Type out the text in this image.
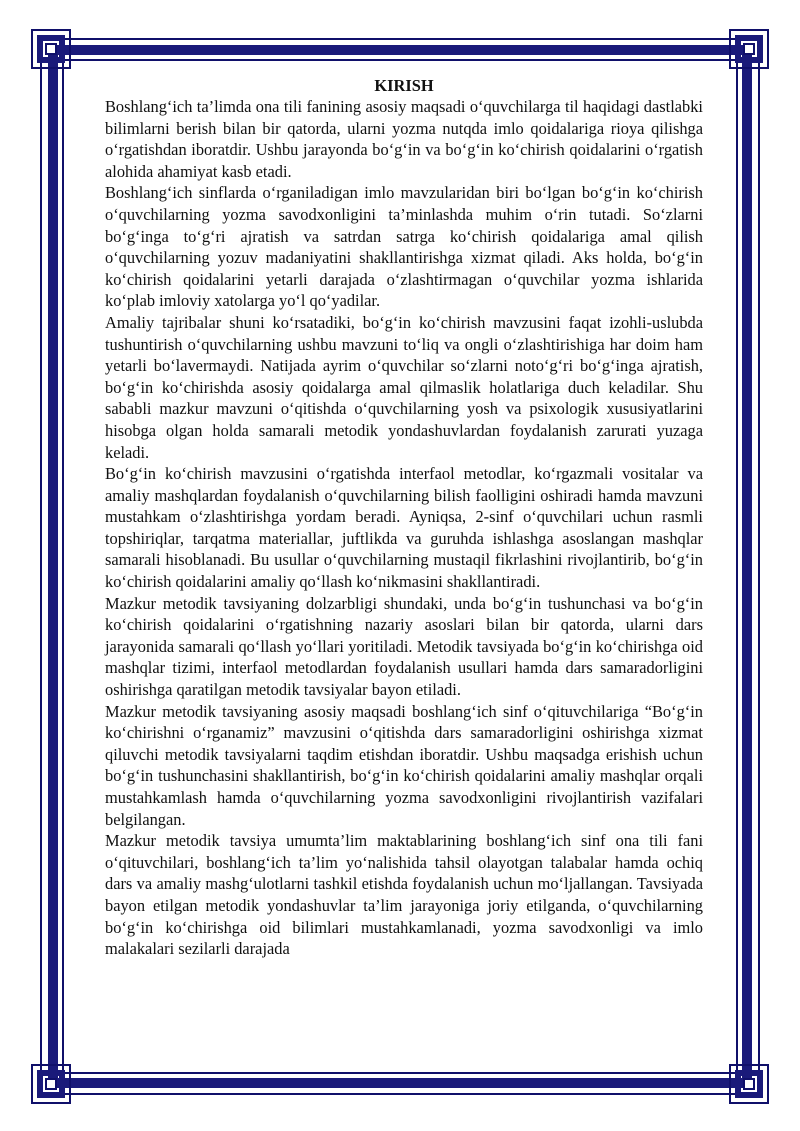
KIRISH

Boshlang‘ich ta’limda ona tili fanining asosiy maqsadi o‘quvchilarga til haqidagi dastlabki bilimlarni berish bilan bir qatorda, ularni yozma nutqda imlo qoidalariga rioya qilishga o‘rgatishdan iboratdir. Ushbu jarayonda bo‘g‘in va bo‘g‘in ko‘chirish qoidalarini o‘rgatish alohida ahamiyat kasb etadi.

Boshlang‘ich sinflarda o‘rganiladigan imlo mavzularidan biri bo‘lgan bo‘g‘in ko‘chirish o‘quvchilarning yozma savodxonligini ta’minlashda muhim o‘rin tutadi. So‘zlarni bo‘g‘inga to‘g‘ri ajratish va satrdan satrga ko‘chirish qoidalariga amal qilish o‘quvchilarning yozuv madaniyatini shakllantirishga xizmat qiladi. Aks holda, bo‘g‘in ko‘chirish qoidalarini yetarli darajada o‘zlashtirmagan o‘quvchilar yozma ishlarida ko‘plab imloviy xatolarga yo‘l qo‘yadilar.

Amaliy tajribalar shuni ko‘rsatadiki, bo‘g‘in ko‘chirish mavzusini faqat izohli-uslubda tushuntirish o‘quvchilarning ushbu mavzuni to‘liq va ongli o‘zlashtirishiga har doim ham yetarli bo‘lavermaydi. Natijada ayrim o‘quvchilar so‘zlarni noto‘g‘ri bo‘g‘inga ajratish, bo‘g‘in ko‘chirishda asosiy qoidalarga amal qilmaslik holatlariga duch keladilar. Shu sababli mazkur mavzuni o‘qitishda o‘quvchilarning yosh va psixologik xususiyatlarini hisobga olgan holda samarali metodik yondashuvlardan foydalanish zarurati yuzaga keladi.

Bo‘g‘in ko‘chirish mavzusini o‘rgatishda interfaol metodlar, ko‘rgazmali vositalar va amaliy mashqlardan foydalanish o‘quvchilarning bilish faolligini oshiradi hamda mavzuni mustahkam o‘zlashtirishga yordam beradi. Ayniqsa, 2-sinf o‘quvchilari uchun rasmli topshiriqlar, tarqatma materiallar, juftlikda va guruhda ishlashga asoslangan mashqlar samarali hisoblanadi. Bu usullar o‘quvchilarning mustaqil fikrlashini rivojlantirib, bo‘g‘in ko‘chirish qoidalarini amaliy qo‘llash ko‘nikmasini shakllantiradi.

Mazkur metodik tavsiyaning dolzarbligi shundaki, unda bo‘g‘in tushunchasi va bo‘g‘in ko‘chirish qoidalarini o‘rgatishning nazariy asoslari bilan bir qatorda, ularni dars jarayonida samarali qo‘llash yo‘llari yoritiladi. Metodik tavsiyada bo‘g‘in ko‘chirishga oid mashqlar tizimi, interfaol metodlardan foydalanish usullari hamda dars samaradorligini oshirishga qaratilgan metodik tavsiyalar bayon etiladi.

Mazkur metodik tavsiyaning asosiy maqsadi boshlang‘ich sinf o‘qituvchilariga “Bo‘g‘in ko‘chirishni o‘rganamiz” mavzusini o‘qitishda dars samaradorligini oshirishga xizmat qiluvchi metodik tavsiyalarni taqdim etishdan iboratdir. Ushbu maqsadga erishish uchun bo‘g‘in tushunchasini shakllantirish, bo‘g‘in ko‘chirish qoidalarini amaliy mashqlar orqali mustahkamlash hamda o‘quvchilarning yozma savodxonligini rivojlantirish vazifalari belgilangan.

Mazkur metodik tavsiya umumta’lim maktablarining boshlang‘ich sinf ona tili fani o‘qituvchilari, boshlang‘ich ta’lim yo‘nalishida tahsil olayotgan talabalar hamda ochiq dars va amaliy mashg‘ulotlarni tashkil etishda foydalanish uchun mo‘ljallangan. Tavsiyada bayon etilgan metodik yondashuvlar ta’lim jarayoniga joriy etilganda, o‘quvchilarning bo‘g‘in ko‘chirishga oid bilimlari mustahkamlanadi, yozma savodxonligi va imlo malakalari sezilarli darajada
